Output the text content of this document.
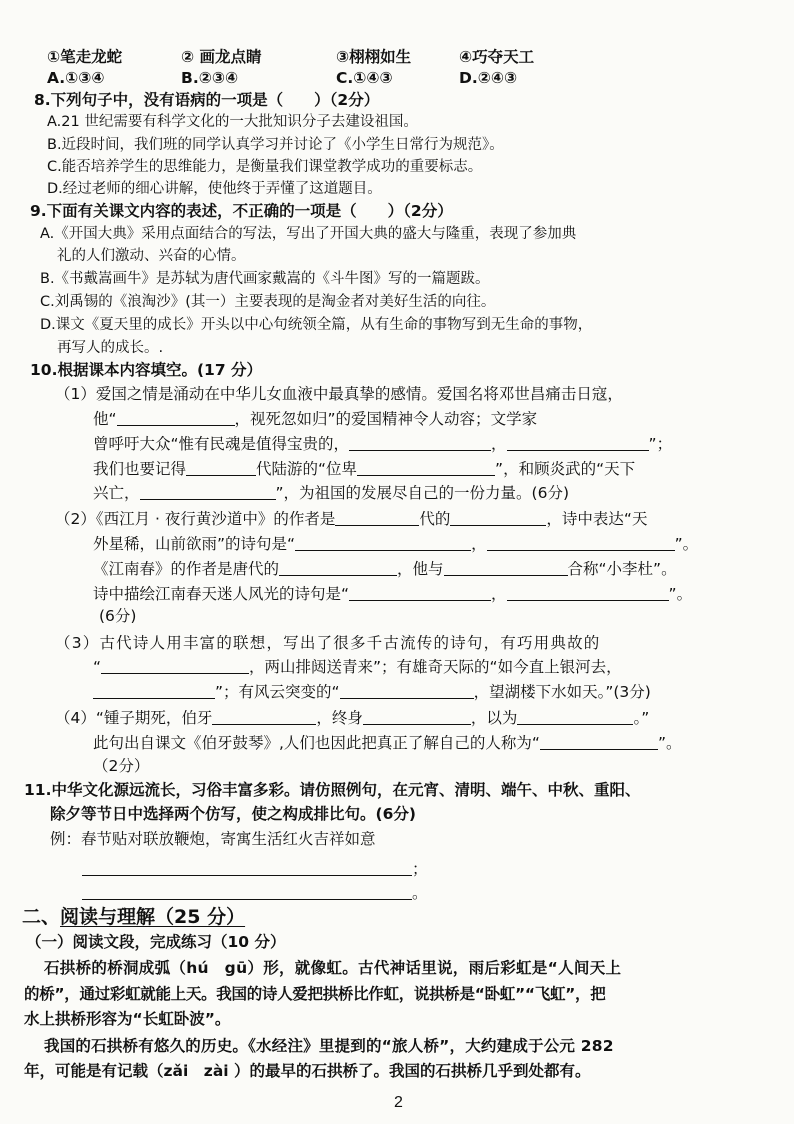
①笔走龙蛇	② 画龙点睛	③栩栩如生	④巧夺天工
A.①③④	B.②③④	C.①④③	D.②④③
8.下列句子中，没有语病的一项是（　　）（2分）
A.21 世纪需要有科学文化的一大批知识分子去建设祖国。
B.近段时间，我们班的同学认真学习并讨论了《小学生日常行为规范》。
C.能否培养学生的思维能力，是衡量我们课堂教学成功的重要标志。
D.经过老师的细心讲解，使他终于弄懂了这道题目。
9.下面有关课文内容的表述，不正确的一项是（　　）（2分）
A.《开国大典》采用点面结合的写法，写出了开国大典的盛大与隆重，表现了参加典
礼的人们激动、兴奋的心情。
B.《书戴嵩画牛》是苏轼为唐代画家戴嵩的《斗牛图》写的一篇题跋。
C.刘禹锡的《浪淘沙》(其一）主要表现的是淘金者对美好生活的向往。
D.课文《夏天里的成长》开头以中心句统领全篇，从有生命的事物写到无生命的事物，
再写人的成长。.
10.根据课本内容填空。(17 分）
（1）爱国之情是涌动在中华儿女血液中最真挚的感情。爱国名将邓世昌痛击日寇，
他“	，视死忽如归”的爱国精神令人动容；文学家
曾呼吁大众“惟有民魂是值得宝贵的，	，	”；
我们也要记得	代陆游的“位卑	”，和顾炎武的“天下
兴亡，	”，为祖国的发展尽自己的一份力量。(6分)
（2）《西江月 · 夜行黄沙道中》的作者是	代的	，诗中表达“天
外星稀，山前欲雨”的诗句是“	，	”。
《江南春》的作者是唐代的	，他与	合称“小李杜”。
诗中描绘江南春天迷人风光的诗句是“	，	”。
(6分)
（3）古代诗人用丰富的联想，写出了很多千古流传的诗句，有巧用典故的
“	，两山排闼送青来”；有雄奇天际的“如今直上银河去，
”；有风云突变的“	，望湖楼下水如天。”(3分)
（4）“锺子期死，伯牙	，终身	，以为	。”
此句出自课文《伯牙鼓琴》,人们也因此把真正了解自己的人称为“	”。
（2分）
11.中华文化源远流长，习俗丰富多彩。请仿照例句，在元宵、清明、端午、中秋、重阳、
除夕等节日中选择两个仿写，使之构成排比句。(6分)
例：春节贴对联放鞭炮，寄寓生活红火吉祥如意
；
。
二、阅读与理解（25 分）
（一）阅读文段，完成练习（10 分）
石拱桥的桥洞成弧（hú　gū）形，就像虹。古代神话里说，雨后彩虹是“人间天上
的桥”，通过彩虹就能上天。我国的诗人爱把拱桥比作虹，说拱桥是“卧虹”“飞虹”，把
水上拱桥形容为“长虹卧波”。
我国的石拱桥有悠久的历史。《水经注》里提到的“旅人桥”，大约建成于公元 282
年，可能是有记载（zǎi　zài ）的最早的石拱桥了。我国的石拱桥几乎到处都有。
2
